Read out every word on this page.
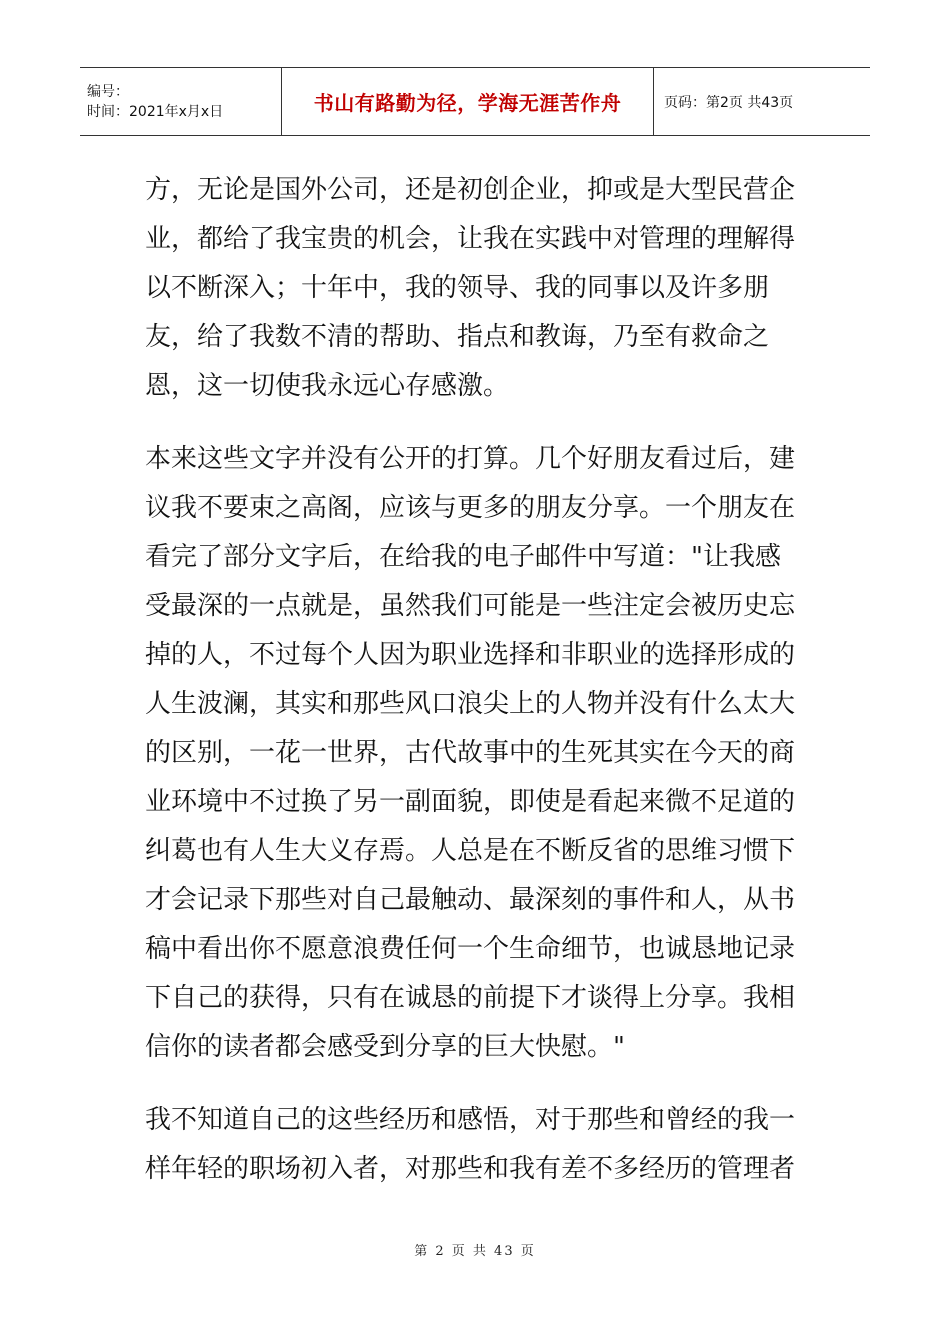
编号：
时间：2021年x月x日	书山有路勤为径，学海无涯苦作舟	页码：第2页 共43页

方，无论是国外公司，还是初创企业，抑或是大型民营企业，都给了我宝贵的机会，让我在实践中对管理的理解得以不断深入；十年中，我的领导、我的同事以及许多朋友，给了我数不清的帮助、指点和教诲，乃至有救命之恩，这一切使我永远心存感激。

本来这些文字并没有公开的打算。几个好朋友看过后，建议我不要束之高阁，应该与更多的朋友分享。一个朋友在看完了部分文字后，在给我的电子邮件中写道："让我感受最深的一点就是，虽然我们可能是一些注定会被历史忘掉的人，不过每个人因为职业选择和非职业的选择形成的人生波澜，其实和那些风口浪尖上的人物并没有什么太大的区别，一花一世界，古代故事中的生死其实在今天的商业环境中不过换了另一副面貌，即使是看起来微不足道的纠葛也有人生大义存焉。人总是在不断反省的思维习惯下才会记录下那些对自己最触动、最深刻的事件和人，从书稿中看出你不愿意浪费任何一个生命细节，也诚恳地记录下自己的获得，只有在诚恳的前提下才谈得上分享。我相信你的读者都会感受到分享的巨大快慰。"

我不知道自己的这些经历和感悟，对于那些和曾经的我一样年轻的职场初入者，对那些和我有差不多经历的管理者

第 2 页 共 43 页
